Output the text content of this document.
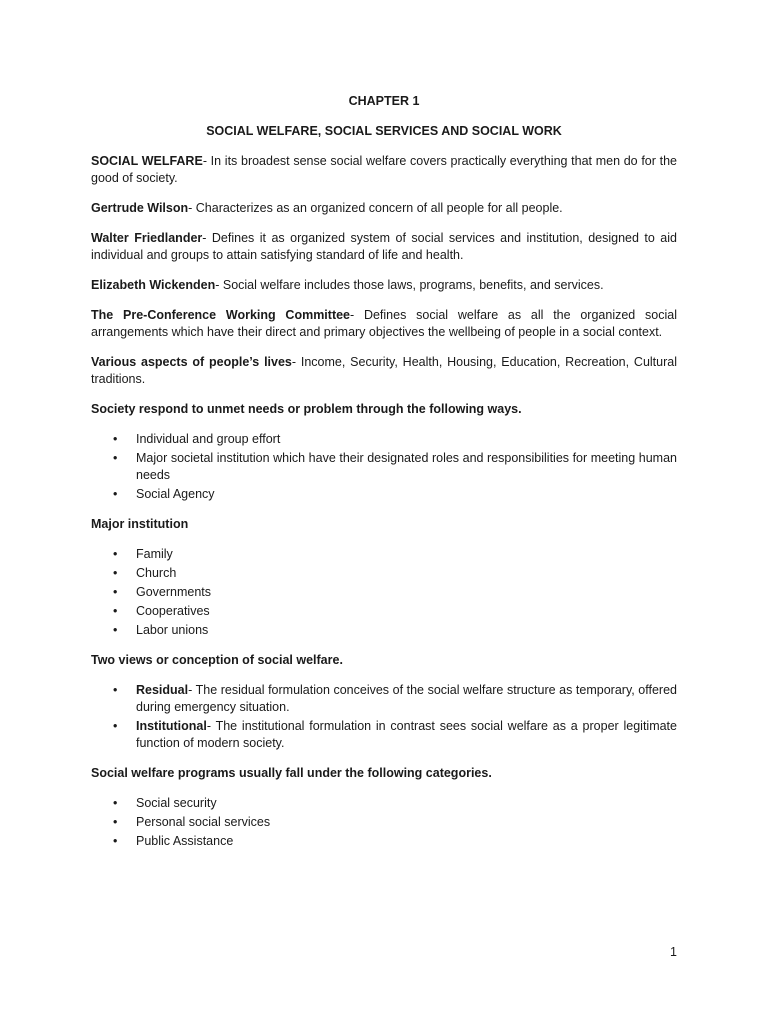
CHAPTER 1
SOCIAL WELFARE, SOCIAL SERVICES AND SOCIAL WORK

SOCIAL WELFARE- In its broadest sense social welfare covers practically everything that men do for the good of society.

Gertrude Wilson- Characterizes as an organized concern of all people for all people.

Walter Friedlander- Defines it as organized system of social services and institution, designed to aid individual and groups to attain satisfying standard of life and health.

Elizabeth Wickenden- Social welfare includes those laws, programs, benefits, and services.

The Pre-Conference Working Committee- Defines social welfare as all the organized social arrangements which have their direct and primary objectives the wellbeing of people in a social context.

Various aspects of people’s lives- Income, Security, Health, Housing, Education, Recreation, Cultural traditions.

Society respond to unmet needs or problem through the following ways.
• Individual and group effort
• Major societal institution which have their designated roles and responsibilities for meeting human needs
• Social Agency
Major institution
• Family
• Church
• Governments
• Cooperatives
• Labor unions
Two views or conception of social welfare.
• Residual- The residual formulation conceives of the social welfare structure as temporary, offered during emergency situation.
• Institutional- The institutional formulation in contrast sees social welfare as a proper legitimate function of modern society.
Social welfare programs usually fall under the following categories.
• Social security
• Personal social services
• Public Assistance
1
